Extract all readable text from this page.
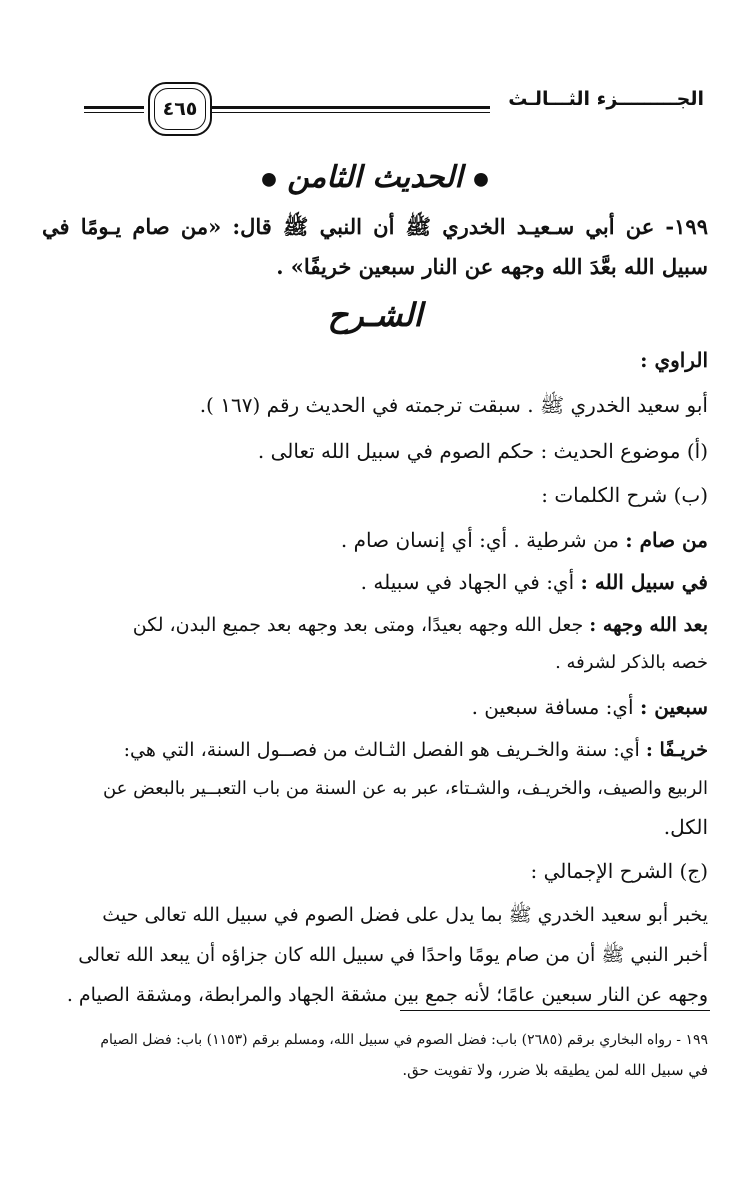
الجـــــــــزء الثـــالـث
٤٦٥
● الحديث الثامن ●
١٩٩- عن أبي سـعيـد الخدري ﷺ أن النبي ﷺ قال: «من صام يـومًا في
سبيل الله بعَّدَ الله وجهه عن النار سبعين خريفًا» .
الشـرح
الراوي :
أبو سعيد الخدري ﷺ . سبقت ترجمته في الحديث رقم (١٦٧ ).
(أ) موضوع الحديث : حكم الصوم في سبيل الله تعالى .
(ب) شرح الكلمات :
من صام : من شرطية . أي: أي إنسان صام .
في سبيل الله : أي: في الجهاد في سبيله .
بعد الله وجهه : جعل الله وجهه بعيدًا، ومتى بعد وجهه بعد جميع البدن، لكن
خصه بالذكر لشرفه .
سبعين : أي: مسافة سبعين .
خريـفًا : أي: سنة والخـريف هو الفصل الثـالث من فصــول السنة، التي هي:
الربيع والصيف، والخريـف، والشـتاء، عبر به عن السنة من باب التعبــير بالبعض عن
الكل.
(ج) الشرح الإجمالي :
يخبر أبو سعيد الخدري ﷺ بما يدل على فضل الصوم في سبيل الله تعالى حيث
أخبر النبي ﷺ أن من صام يومًا واحدًا في سبيل الله كان جزاؤه أن يبعد الله تعالى
وجهه عن النار سبعين عامًا؛ لأنه جمع بين مشقة الجهاد والمرابطة، ومشقة الصيام .
١٩٩ - رواه البخاري برقم (٢٦٨٥) باب: فضل الصوم في سبيل الله، ومسلم برقم (١١٥٣) باب: فضل الصيام
في سبيل الله لمن يطيقه بلا ضرر، ولا تفويت حق.
